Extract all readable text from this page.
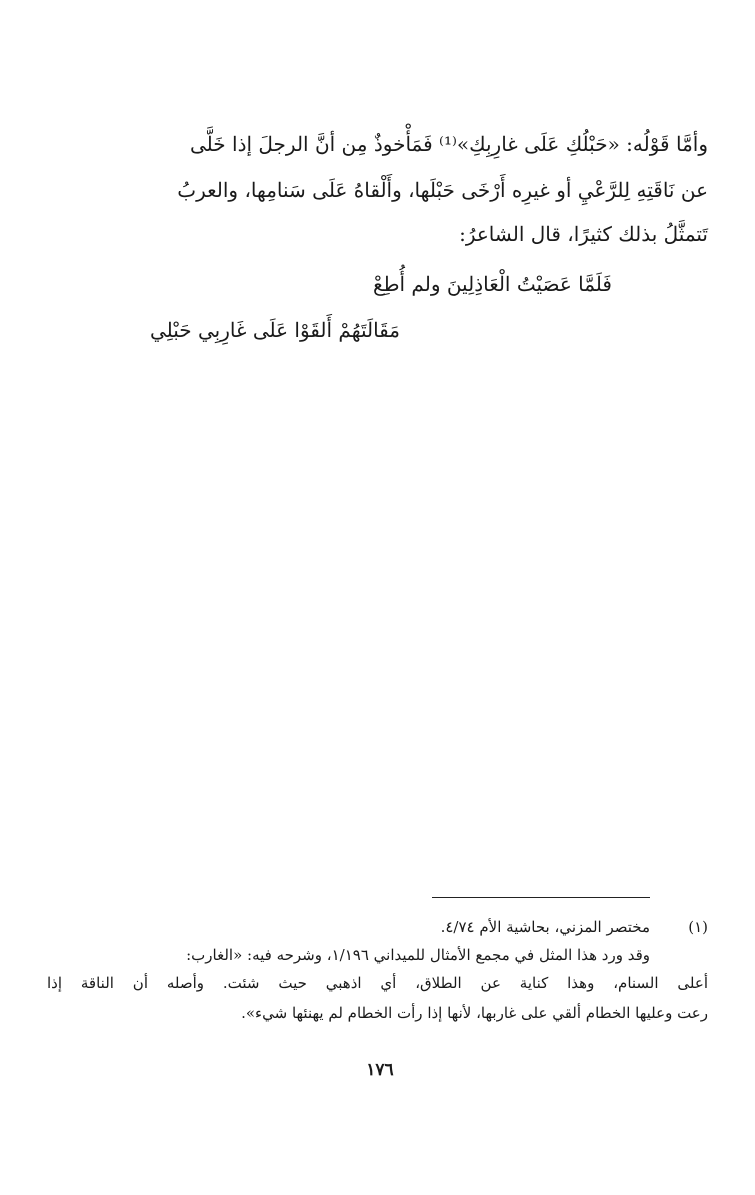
وأمَّا قَوْلُه: «حَبْلُكِ عَلَى غارِبِكِ»⁽¹⁾ فَمَأْخوذٌ مِن أنَّ الرجلَ إذا خَلَّى
عن نَاقَتِهِ لِلرَّعْيِ أو غيرِه أَرْخَى حَبْلَها، وأَلْقاهُ عَلَى سَنامِها، والعربُ
تَتمثَّلُ بذلك كثيرًا، قال الشاعرُ:
فَلَمَّا عَصَيْتُ الْعَاذِلِينَ ولم أُطِعْ
مَقَالَتَهُمْ أَلقَوْا عَلَى غَارِبِي حَبْلِي
(١)
مختصر المزني، بحاشية الأم ٤/٧٤.
وقد ورد هذا المثل في مجمع الأمثال للميداني ١/١٩٦، وشرحه فيه: «الغارب:
أعلى السنام، وهذا كناية عن الطلاق، أي اذهبي حيث شئت. وأصله أن الناقة إذا
رعت وعليها الخطام ألقي على غاربها، لأنها إذا رأت الخطام لم يهنئها شيء».
١٧٦
